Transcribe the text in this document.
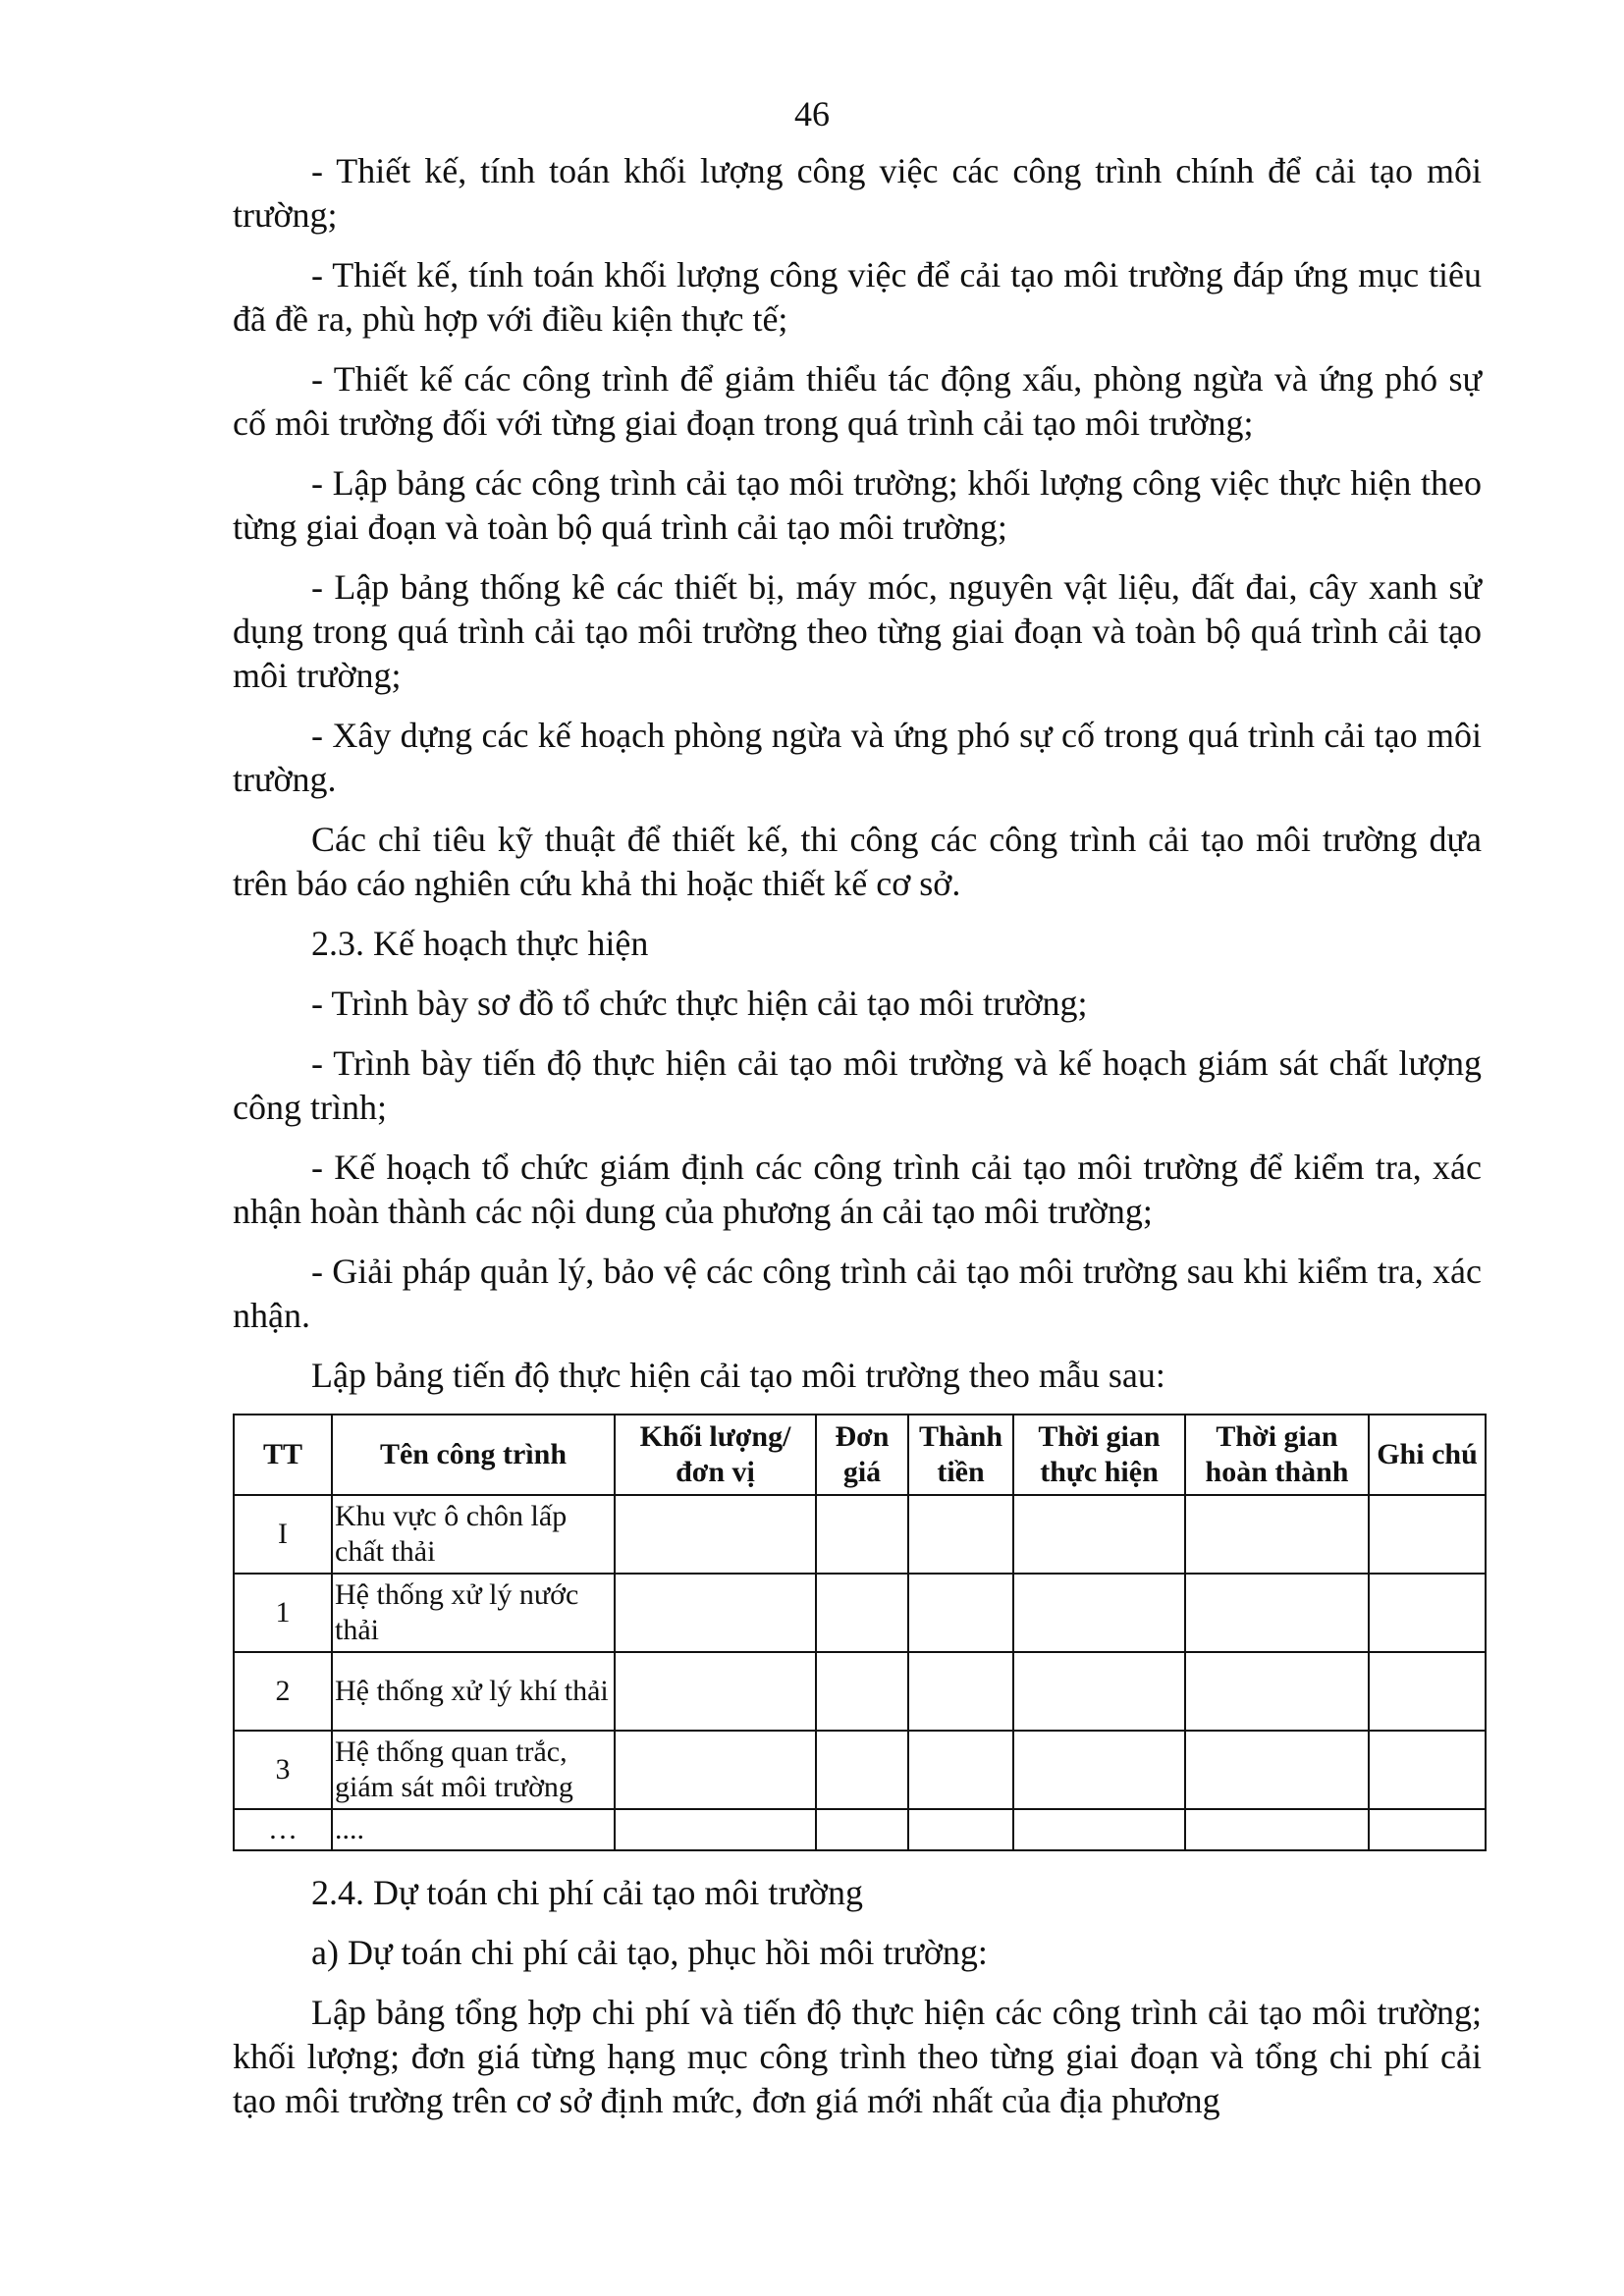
46

- Thiết kế, tính toán khối lượng công việc các công trình chính để cải tạo môi trường;

- Thiết kế, tính toán khối lượng công việc để cải tạo môi trường đáp ứng mục tiêu đã đề ra, phù hợp với điều kiện thực tế;

- Thiết kế các công trình để giảm thiểu tác động xấu, phòng ngừa và ứng phó sự cố môi trường đối với từng giai đoạn trong quá trình cải tạo môi trường;

- Lập bảng các công trình cải tạo môi trường; khối lượng công việc thực hiện theo từng giai đoạn và toàn bộ quá trình cải tạo môi trường;

- Lập bảng thống kê các thiết bị, máy móc, nguyên vật liệu, đất đai, cây xanh sử dụng trong quá trình cải tạo môi trường theo từng giai đoạn và toàn bộ quá trình cải tạo môi trường;

- Xây dựng các kế hoạch phòng ngừa và ứng phó sự cố trong quá trình cải tạo môi trường.

Các chỉ tiêu kỹ thuật để thiết kế, thi công các công trình cải tạo môi trường dựa trên báo cáo nghiên cứu khả thi hoặc thiết kế cơ sở.

2.3. Kế hoạch thực hiện

- Trình bày sơ đồ tổ chức thực hiện cải tạo môi trường;

- Trình bày tiến độ thực hiện cải tạo môi trường và kế hoạch giám sát chất lượng công trình;

- Kế hoạch tổ chức giám định các công trình cải tạo môi trường để kiểm tra, xác nhận hoàn thành các nội dung của phương án cải tạo môi trường;

- Giải pháp quản lý, bảo vệ các công trình cải tạo môi trường sau khi kiểm tra, xác nhận.

Lập bảng tiến độ thực hiện cải tạo môi trường theo mẫu sau:

TT	Tên công trình	Khối lượng/ đơn vị	Đơn giá	Thành tiền	Thời gian thực hiện	Thời gian hoàn thành	Ghi chú
I	Khu vực ô chôn lấp chất thải						
1	Hệ thống xử lý nước thải						
2	Hệ thống xử lý khí thải						
3	Hệ thống quan trắc, giám sát môi trường						
…	....						

2.4. Dự toán chi phí cải tạo môi trường

a) Dự toán chi phí cải tạo, phục hồi môi trường:

Lập bảng tổng hợp chi phí và tiến độ thực hiện các công trình cải tạo môi trường; khối lượng; đơn giá từng hạng mục công trình theo từng giai đoạn và tổng chi phí cải tạo môi trường trên cơ sở định mức, đơn giá mới nhất của địa phương
